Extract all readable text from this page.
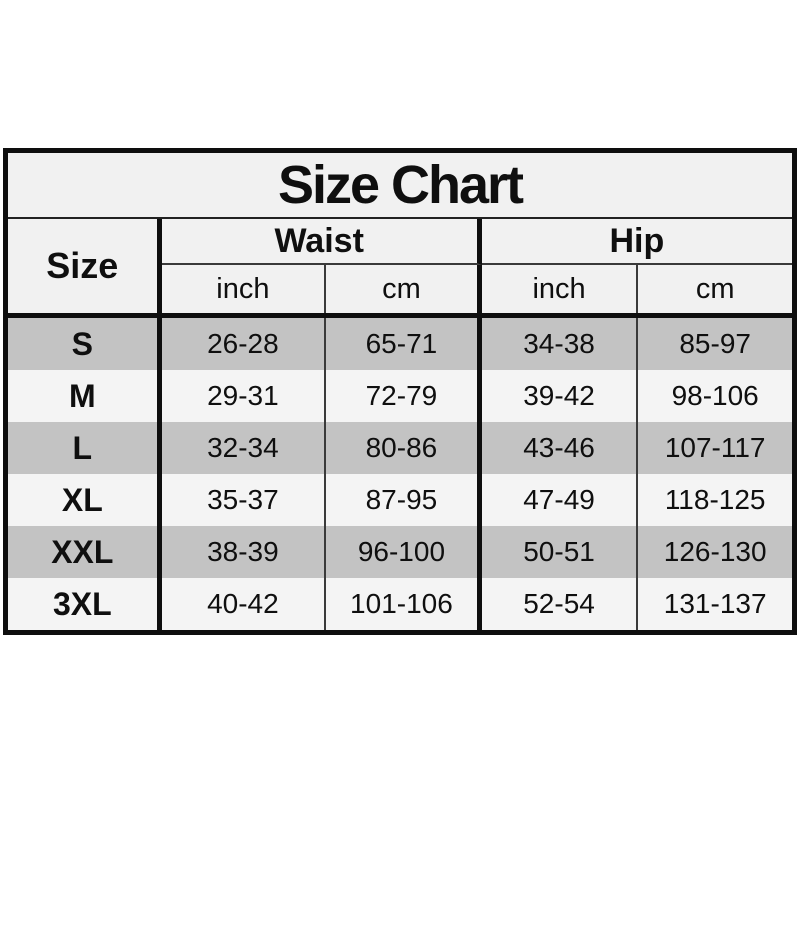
Size Chart
Size
Waist	Hip
inch	cm	inch	cm
S	26-28	65-71	34-38	85-97
M	29-31	72-79	39-42	98-106
L	32-34	80-86	43-46	107-117
XL	35-37	87-95	47-49	118-125
XXL	38-39	96-100	50-51	126-130
3XL	40-42	101-106	52-54	131-137
